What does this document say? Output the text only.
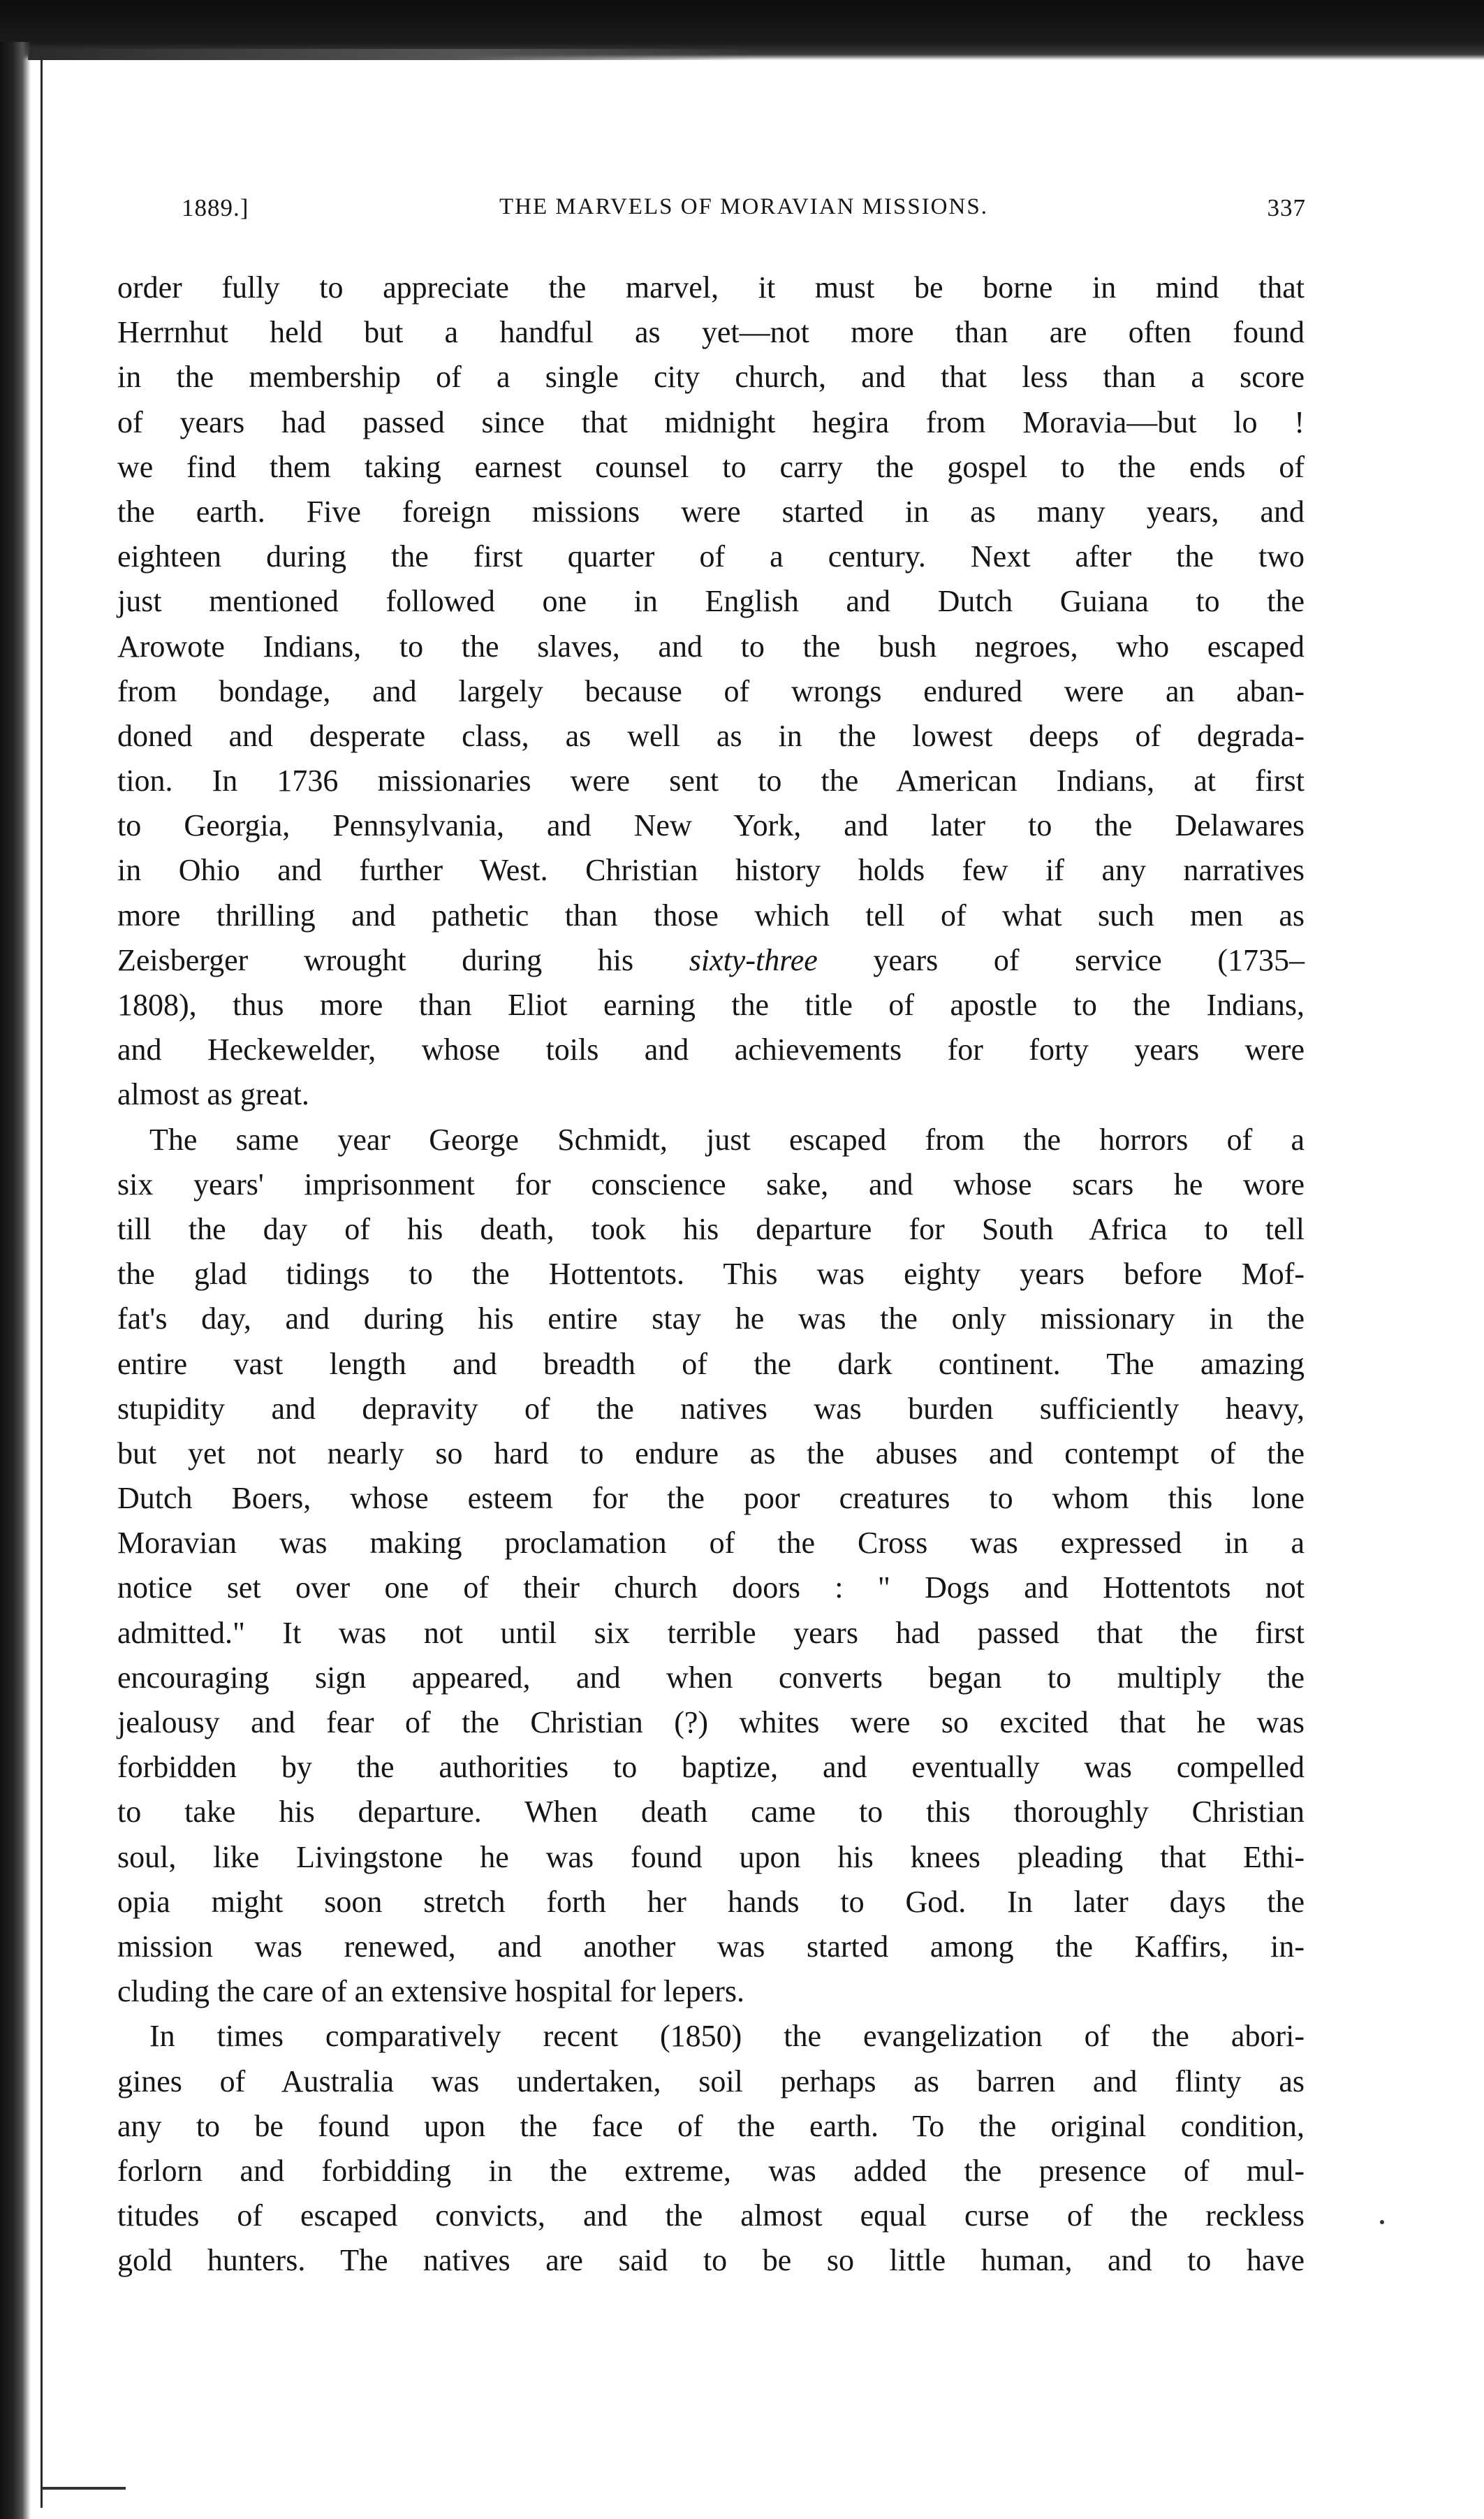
1889.]	THE MARVELS OF MORAVIAN MISSIONS.	337
order fully to appreciate the marvel, it must be borne in mind that
Herrnhut held but a handful as yet—not more than are often found
in the membership of a single city church, and that less than a score
of years had passed since that midnight hegira from Moravia—but lo !
we find them taking earnest counsel to carry the gospel to the ends of
the earth. Five foreign missions were started in as many years, and
eighteen during the first quarter of a century. Next after the two
just mentioned followed one in English and Dutch Guiana to the
Arowote Indians, to the slaves, and to the bush negroes, who escaped
from bondage, and largely because of wrongs endured were an aban-
doned and desperate class, as well as in the lowest deeps of degrada-
tion. In 1736 missionaries were sent to the American Indians, at first
to Georgia, Pennsylvania, and New York, and later to the Delawares
in Ohio and further West. Christian history holds few if any narratives
more thrilling and pathetic than those which tell of what such men as
Zeisberger wrought during his sixty-three years of service (1735–
1808), thus more than Eliot earning the title of apostle to the Indians,
and Heckewelder, whose toils and achievements for forty years were
almost as great.
The same year George Schmidt, just escaped from the horrors of a
six years' imprisonment for conscience sake, and whose scars he wore
till the day of his death, took his departure for South Africa to tell
the glad tidings to the Hottentots. This was eighty years before Mof-
fat's day, and during his entire stay he was the only missionary in the
entire vast length and breadth of the dark continent. The amazing
stupidity and depravity of the natives was burden sufficiently heavy,
but yet not nearly so hard to endure as the abuses and contempt of the
Dutch Boers, whose esteem for the poor creatures to whom this lone
Moravian was making proclamation of the Cross was expressed in a
notice set over one of their church doors : " Dogs and Hottentots not
admitted." It was not until six terrible years had passed that the first
encouraging sign appeared, and when converts began to multiply the
jealousy and fear of the Christian (?) whites were so excited that he was
forbidden by the authorities to baptize, and eventually was compelled
to take his departure. When death came to this thoroughly Christian
soul, like Livingstone he was found upon his knees pleading that Ethi-
opia might soon stretch forth her hands to God. In later days the
mission was renewed, and another was started among the Kaffirs, in-
cluding the care of an extensive hospital for lepers.
In times comparatively recent (1850) the evangelization of the abori-
gines of Australia was undertaken, soil perhaps as barren and flinty as
any to be found upon the face of the earth. To the original condition,
forlorn and forbidding in the extreme, was added the presence of mul-
titudes of escaped convicts, and the almost equal curse of the reckless
gold hunters. The natives are said to be so little human, and to have
